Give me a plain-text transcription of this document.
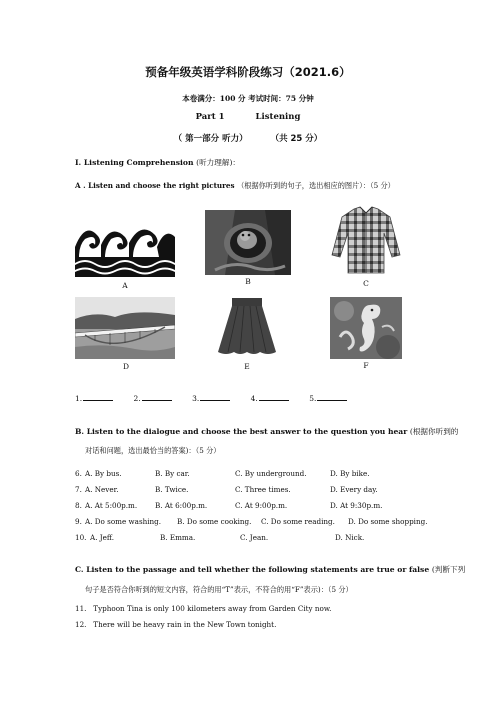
预备年级英语学科阶段练习（2021.6）
本卷满分：100 分 考试时间：75 分钟
Part 1	Listening
（ 第一部分 听力）	（共 25 分）
I. Listening Comprehension (听力理解)：
A . Listen and choose the right pictures （根据你听到的句子，选出相应的图片）：（5 分）
A	B	C
D	E	F
1.	2.	3.	4.	5.
B. Listen to the dialogue and choose the best answer to the question you hear (根据你听到的
对话和问题，选出最恰当的答案)：（5 分）
6. A. By bus.	B. By car.	C. By underground.	D. By bike.
7. A. Never.	B. Twice.	C. Three times.	D. Every day.
8. A. At 5:00p.m. B. At 6:00p.m.	C. At 9:00p.m.	D. At 9:30p.m.
9. A. Do some washing. B. Do some cooking. C. Do some reading. D. Do some shopping.
10. A. Jeff.	B. Emma.	C. Jean.	D. Nick.
C. Listen to the passage and tell whether the following statements are true or false (判断下列
句子是否符合你听到的短文内容，符合的用“T”表示，不符合的用“F”表示)：（5 分）
11. Typhoon Tina is only 100 kilometers away from Garden City now.
12. There will be heavy rain in the New Town tonight.
